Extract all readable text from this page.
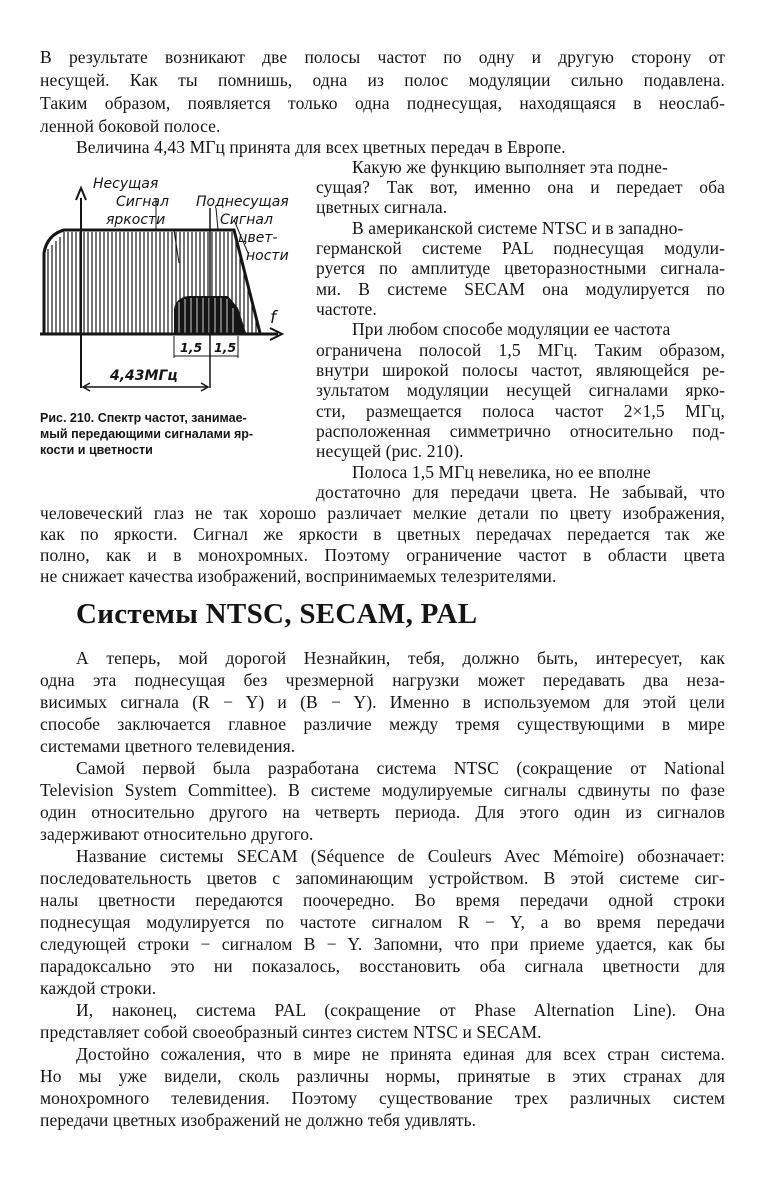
В результате возникают две полосы частот по одну и другую сторону от
несущей. Как ты помнишь, одна из полос модуляции сильно подавлена.
Таким образом, появляется только одна поднесущая, находящаяся в неослаб-
ленной боковой полосе.
Величина 4,43 МГц принята для всех цветных передач в Европе.
Несущая
Сигнал
яркости
Поднесущая
Сигнал
цвет-
ности
f
1,5 1,5
4,43МГц
Рис. 210. Спектр частот, занимае-
мый передающими сигналами яр-
кости и цветности
Какую же функцию выполняет эта подне-
сущая? Так вот, именно она и передает оба
цветных сигнала.
В американской системе NTSC и в западно-
германской системе PAL поднесущая модули-
руется по амплитуде цветоразностными сигнала-
ми. В системе SECAM она модулируется по
частоте.
При любом способе модуляции ее частота
ограничена полосой 1,5 МГц. Таким образом,
внутри широкой полосы частот, являющейся ре-
зультатом модуляции несущей сигналами ярко-
сти, размещается полоса частот 2×1,5 МГц,
расположенная симметрично относительно под-
несущей (рис. 210).
Полоса 1,5 МГц невелика, но ее вполне
достаточно для передачи цвета. Не забывай, что
человеческий глаз не так хорошо различает мелкие детали по цвету изображения,
как по яркости. Сигнал же яркости в цветных передачах передается так же
полно, как и в монохромных. Поэтому ограничение частот в области цвета
не снижает качества изображений, воспринимаемых телезрителями.
Системы NTSC, SECAM, PAL
А теперь, мой дорогой Незнайкин, тебя, должно быть, интересует, как
одна эта поднесущая без чрезмерной нагрузки может передавать два неза-
висимых сигнала (R − Y) и (B − Y). Именно в используемом для этой цели
способе заключается главное различие между тремя существующими в мире
системами цветного телевидения.
Самой первой была разработана система NTSC (сокращение от National
Television System Committee). В системе модулируемые сигналы сдвинуты по фазе
один относительно другого на четверть периода. Для этого один из сигналов
задерживают относительно другого.
Название системы SECAM (Séquence de Couleurs Avec Mémoire) обозначает:
последовательность цветов с запоминающим устройством. В этой системе сиг-
налы цветности передаются поочередно. Во время передачи одной строки
поднесущая модулируется по частоте сигналом R − Y, а во время передачи
следующей строки − сигналом B − Y. Запомни, что при приеме удается, как бы
парадоксально это ни показалось, восстановить оба сигнала цветности для
каждой строки.
И, наконец, система PAL (сокращение от Phase Alternation Line). Она
представляет собой своеобразный синтез систем NTSC и SECAM.
Достойно сожаления, что в мире не принята единая для всех стран система.
Но мы уже видели, сколь различны нормы, принятые в этих странах для
монохромного телевидения. Поэтому существование трех различных систем
передачи цветных изображений не должно тебя удивлять.
